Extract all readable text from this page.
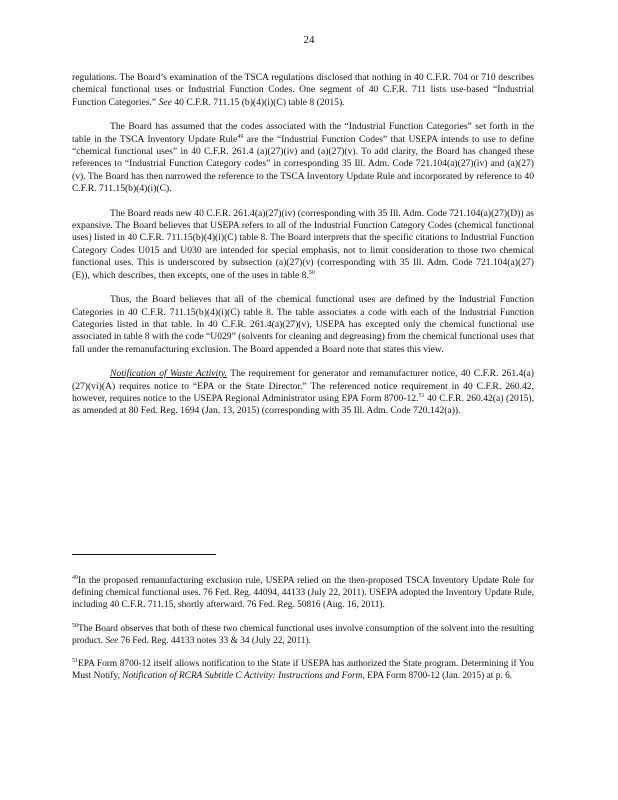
24

regulations. The Board’s examination of the TSCA regulations disclosed that nothing in 40 C.F.R. 704 or 710 describes chemical functional uses or Industrial Function Codes. One segment of 40 C.F.R. 711 lists use-based “Industrial Function Categories.” See 40 C.F.R. 711.15 (b)(4)(i)(C) table 8 (2015).

The Board has assumed that the codes associated with the “Industrial Function Categories” set forth in the table in the TSCA Inventory Update Rule$^{49}$ are the “Industrial Function Codes” that USEPA intends to use to define “chemical functional uses” in 40 C.F.R. 261.4 (a)(27)(iv) and (a)(27)(v). To add clarity, the Board has changed these references to “Industrial Function Category codes” in corresponding 35 Ill. Adm. Code 721.104(a)(27)(iv) and (a)(27)(v). The Board has then narrowed the reference to the TSCA Inventory Update Rule and incorporated by reference to 40 C.F.R. 711.15(b)(4)(i)(C).

The Board reads new 40 C.F.R. 261.4(a)(27)(iv) (corresponding with 35 Ill. Adm. Code 721.104(a)(27)(D)) as expansive. The Board believes that USEPA refers to all of the Industrial Function Category Codes (chemical functional uses) listed in 40 C.F.R. 711.15(b)(4)(i)(C) table 8. The Board interprets that the specific citations to Industrial Function Category Codes U015 and U030 are intended for special emphasis, not to limit consideration to those two chemical functional uses. This is underscored by subsection (a)(27)(v) (corresponding with 35 Ill. Adm. Code 721.104(a)(27)(E)), which describes, then excepts, one of the uses in table 8.50

Thus, the Board believes that all of the chemical functional uses are defined by the Industrial Function Categories in 40 C.F.R. 711.15(b)(4)(i)(C) table 8. The table associates a code with each of the Industrial Function Categories listed in that table. In 40 C.F.R. 261.4(a)(27)(v), USEPA has excepted only the chemical functional use associated in table 8 with the code “U029” (solvents for cleaning and degreasing) from the chemical functional uses that fall under the remanufacturing exclusion. The Board appended a Board note that states this view.

Notification of Waste Activity. The requirement for generator and remanufacturer notice, 40 C.F.R. 261.4(a)(27)(vi)(A) requires notice to “EPA or the State Director.” The referenced notice requirement in 40 C.F.R. 260.42, however, requires notice to the USEPA Regional Administrator using EPA Form 8700-12.51 40 C.F.R. 260.42(a) (2015), as amended at 80 Fed. Reg. 1694 (Jan. 13, 2015) (corresponding with 35 Ill. Adm. Code 720.142(a)).

$^{49}$In the proposed remanufacturing exclusion rule, USEPA relied on the then-proposed TSCA Inventory Update Rule for defining chemical functional uses. 76 Fed. Reg. 44094, 44133 (July 22, 2011). USEPA adopted the Inventory Update Rule, including 40 C.F.R. 711.15, shortly afterward. 76 Fed. Reg. 50816 (Aug. 16, 2011).

$^{50}$The Board observes that both of these two chemical functional uses involve consumption of the solvent into the resulting product. See 76 Fed. Reg. 44133 notes 33 & 34 (July 22, 2011).

$^{51}$EPA Form 8700-12 itself allows notification to the State if USEPA has authorized the State program. Determining if You Must Notify, Notification of RCRA Subtitle C Activity: Instructions and Form, EPA Form 8700-12 (Jan. 2015) at p. 6.
